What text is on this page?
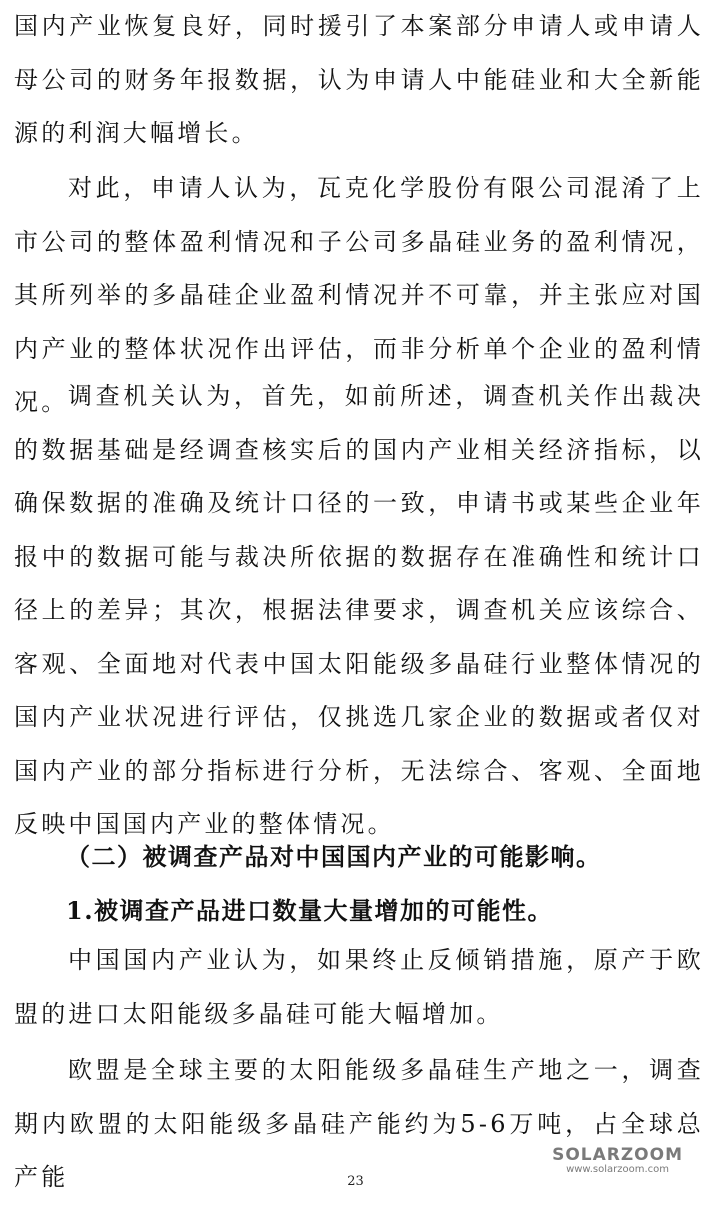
国内产业恢复良好，同时援引了本案部分申请人或申请人母公司的财务年报数据，认为申请人中能硅业和大全新能源的利润大幅增长。

对此，申请人认为，瓦克化学股份有限公司混淆了上市公司的整体盈利情况和子公司多晶硅业务的盈利情况，其所列举的多晶硅企业盈利情况并不可靠，并主张应对国内产业的整体状况作出评估，而非分析单个企业的盈利情况。 调查机关认为，首先，如前所述，调查机关作出裁决的数据基础是经调查核实后的国内产业相关经济指标，以确保数据的准确及统计口径的一致，申请书或某些企业年报中的数据可能与裁决所依据的数据存在准确性和统计口径上的差异；其次，根据法律要求，调查机关应该综合、客观、全面地对代表中国太阳能级多晶硅行业整体情况的国内产业状况进行评估，仅挑选几家企业的数据或者仅对国内产业的部分指标进行分析，无法综合、客观、全面地反映中国国内产业的整体情况。

（二）被调查产品对中国国内产业的可能影响。
1.被调查产品进口数量大量增加的可能性。

中国国内产业认为，如果终止反倾销措施，原产于欧盟的进口太阳能级多晶硅可能大幅增加。

欧盟是全球主要的太阳能级多晶硅生产地之一，调查期内欧盟的太阳能级多晶硅产能约为5-6万吨，占全球总产能

SOLARZOOM
www.solarzoom.com
23
